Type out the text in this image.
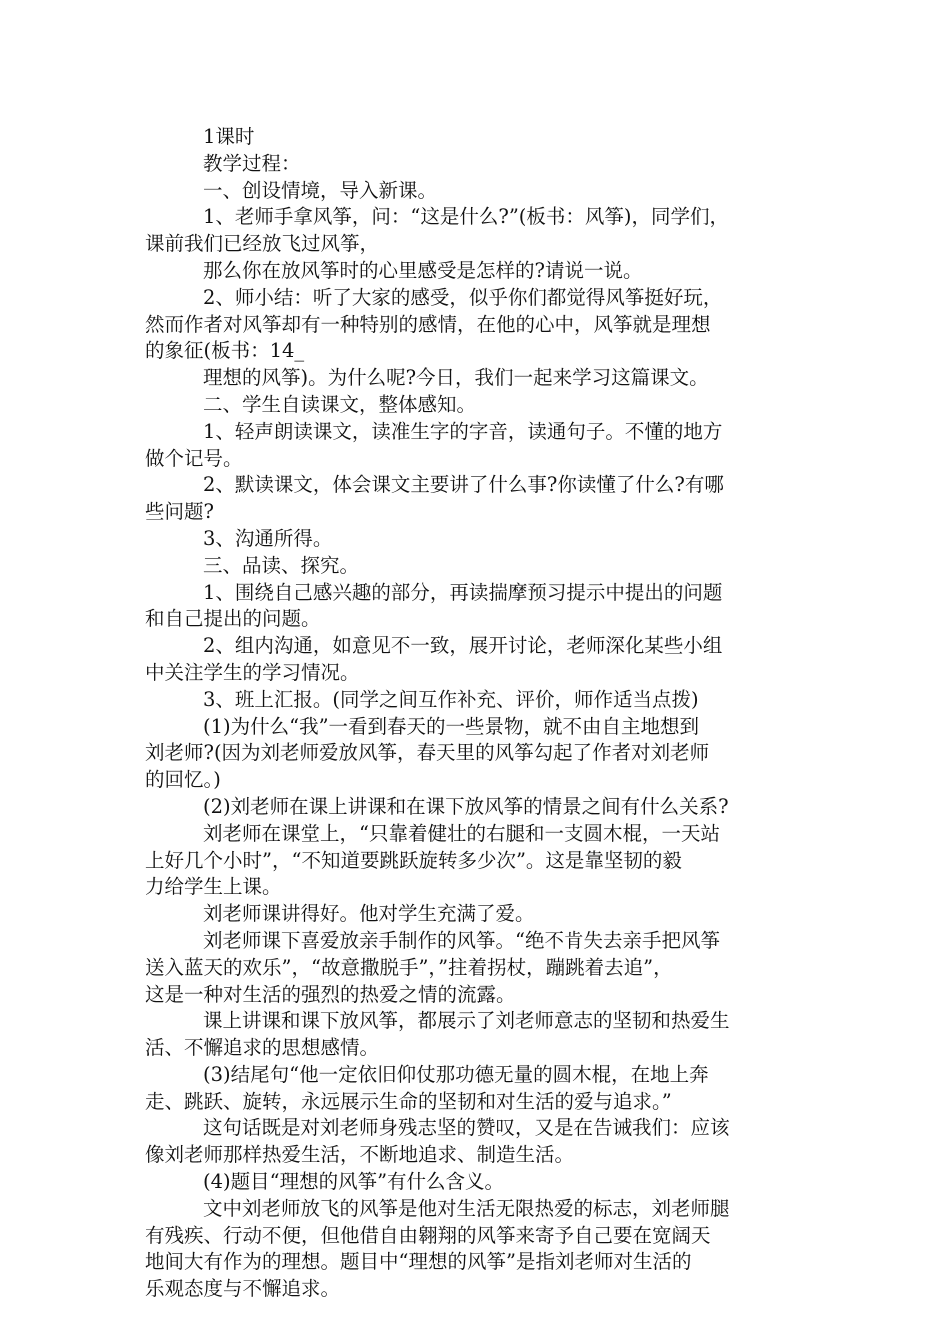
1课时
教学过程：
一、创设情境，导入新课。
1、老师手拿风筝，问：“这是什么?”(板书：风筝)，同学们，
课前我们已经放飞过风筝，
那么你在放风筝时的心里感受是怎样的?请说一说。
2、师小结：听了大家的感受，似乎你们都觉得风筝挺好玩，
然而作者对风筝却有一种特别的感情，在他的心中，风筝就是理想
的象征(板书：14_
理想的风筝)。为什么呢?今日，我们一起来学习这篇课文。
二、学生自读课文，整体感知。
1、轻声朗读课文，读准生字的字音，读通句子。不懂的地方
做个记号。
2、默读课文，体会课文主要讲了什么事?你读懂了什么?有哪
些问题?
3、沟通所得。
三、品读、探究。
1、围绕自己感兴趣的部分，再读揣摩预习提示中提出的问题
和自己提出的问题。
2、组内沟通，如意见不一致，展开讨论，老师深化某些小组
中关注学生的学习情况。
3、班上汇报。(同学之间互作补充、评价，师作适当点拨)
(1)为什么“我”一看到春天的一些景物，就不由自主地想到
刘老师?(因为刘老师爱放风筝，春天里的风筝勾起了作者对刘老师
的回忆。)
(2)刘老师在课上讲课和在课下放风筝的情景之间有什么关系?
刘老师在课堂上，“只靠着健壮的右腿和一支圆木棍，一天站
上好几个小时”，“不知道要跳跃旋转多少次”。这是靠坚韧的毅
力给学生上课。
刘老师课讲得好。他对学生充满了爱。
刘老师课下喜爱放亲手制作的风筝。“绝不肯失去亲手把风筝
送入蓝天的欢乐”，“故意撒脱手”，”拄着拐杖，蹦跳着去追”，
这是一种对生活的强烈的热爱之情的流露。
课上讲课和课下放风筝，都展示了刘老师意志的坚韧和热爱生
活、不懈追求的思想感情。
(3)结尾句“他一定依旧仰仗那功德无量的圆木棍，在地上奔
走、跳跃、旋转，永远展示生命的坚韧和对生活的爱与追求。”
这句话既是对刘老师身残志坚的赞叹，又是在告诫我们：应该
像刘老师那样热爱生活，不断地追求、制造生活。
(4)题目“理想的风筝”有什么含义。
文中刘老师放飞的风筝是他对生活无限热爱的标志，刘老师腿
有残疾、行动不便，但他借自由翱翔的风筝来寄予自己要在宽阔天
地间大有作为的理想。题目中“理想的风筝”是指刘老师对生活的
乐观态度与不懈追求。
